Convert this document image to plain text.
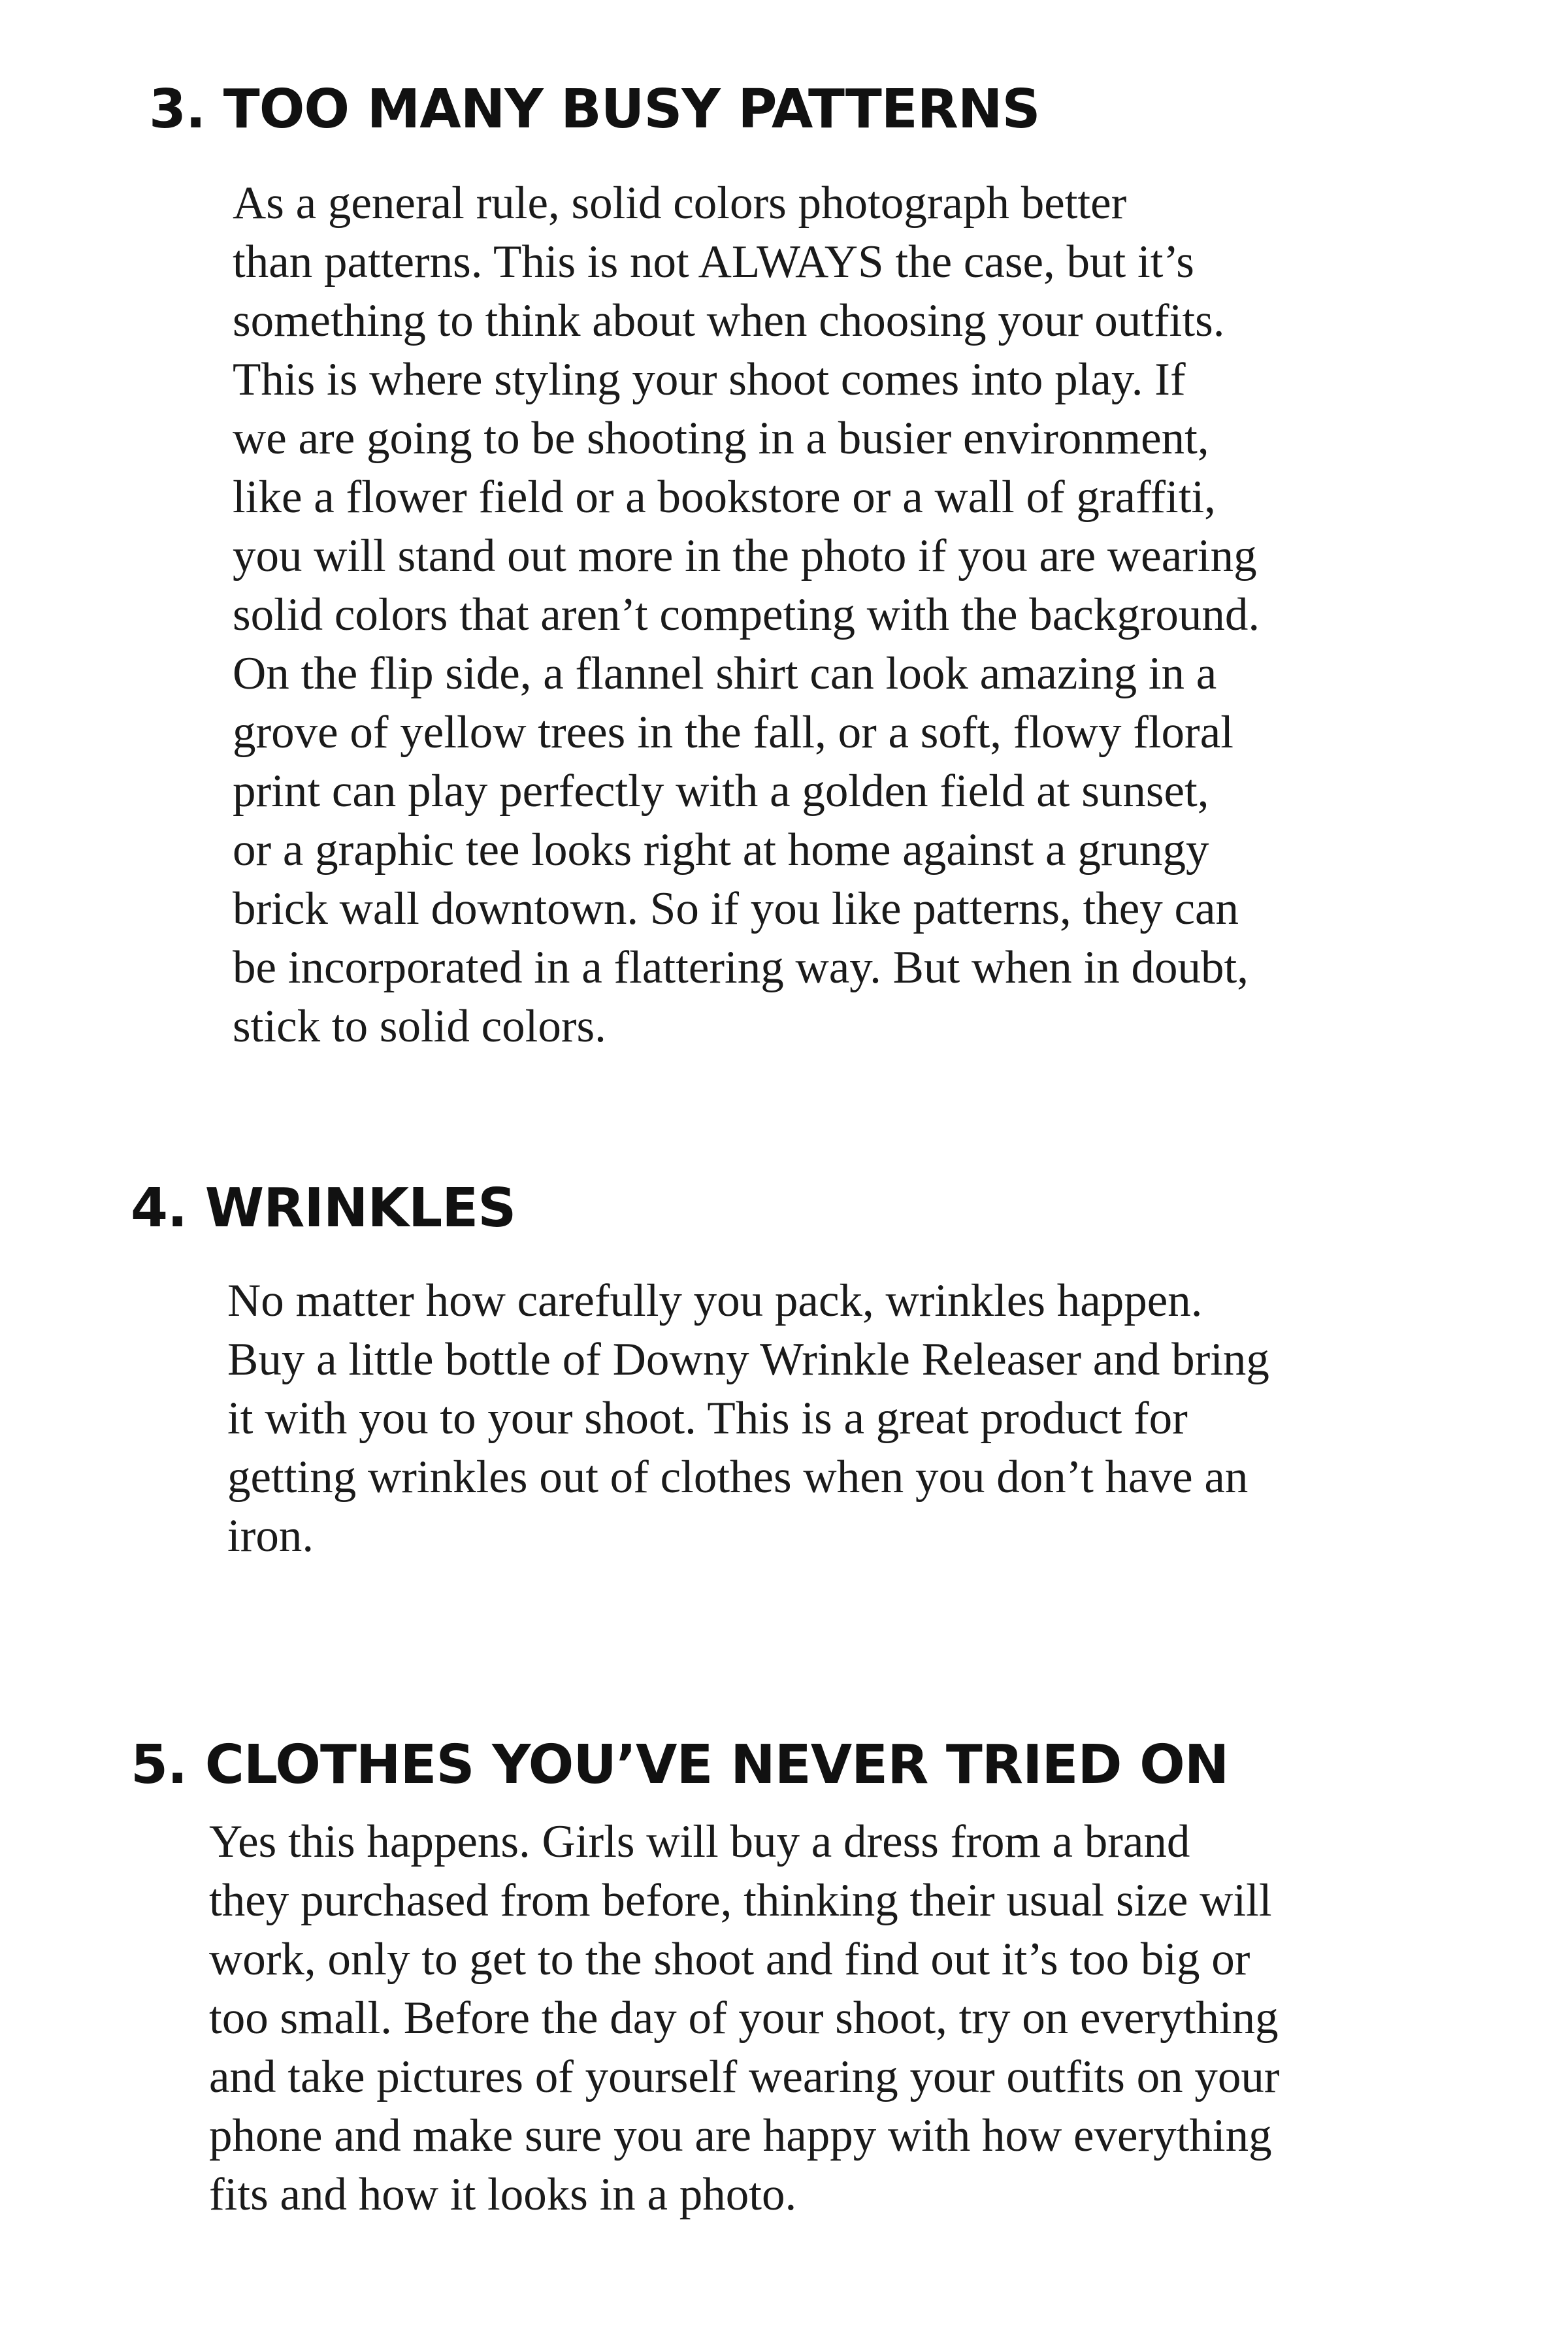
3. TOO MANY BUSY PATTERNS
As a general rule, solid colors photograph better
than patterns. This is not ALWAYS the case, but it’s
something to think about when choosing your outfits.
This is where styling your shoot comes into play. If
we are going to be shooting in a busier environment,
like a flower field or a bookstore or a wall of graffiti,
you will stand out more in the photo if you are wearing
solid colors that aren’t competing with the background.
On the flip side, a flannel shirt can look amazing in a
grove of yellow trees in the fall, or a soft, flowy floral
print can play perfectly with a golden field at sunset,
or a graphic tee looks right at home against a grungy
brick wall downtown. So if you like patterns, they can
be incorporated in a flattering way. But when in doubt,
stick to solid colors.
4. WRINKLES
No matter how carefully you pack, wrinkles happen.
Buy a little bottle of Downy Wrinkle Releaser and bring
it with you to your shoot. This is a great product for
getting wrinkles out of clothes when you don’t have an
iron.
5. CLOTHES YOU’VE NEVER TRIED ON
Yes this happens. Girls will buy a dress from a brand
they purchased from before, thinking their usual size will
work, only to get to the shoot and find out it’s too big or
too small. Before the day of your shoot, try on everything
and take pictures of yourself wearing your outfits on your
phone and make sure you are happy with how everything
fits and how it looks in a photo.
